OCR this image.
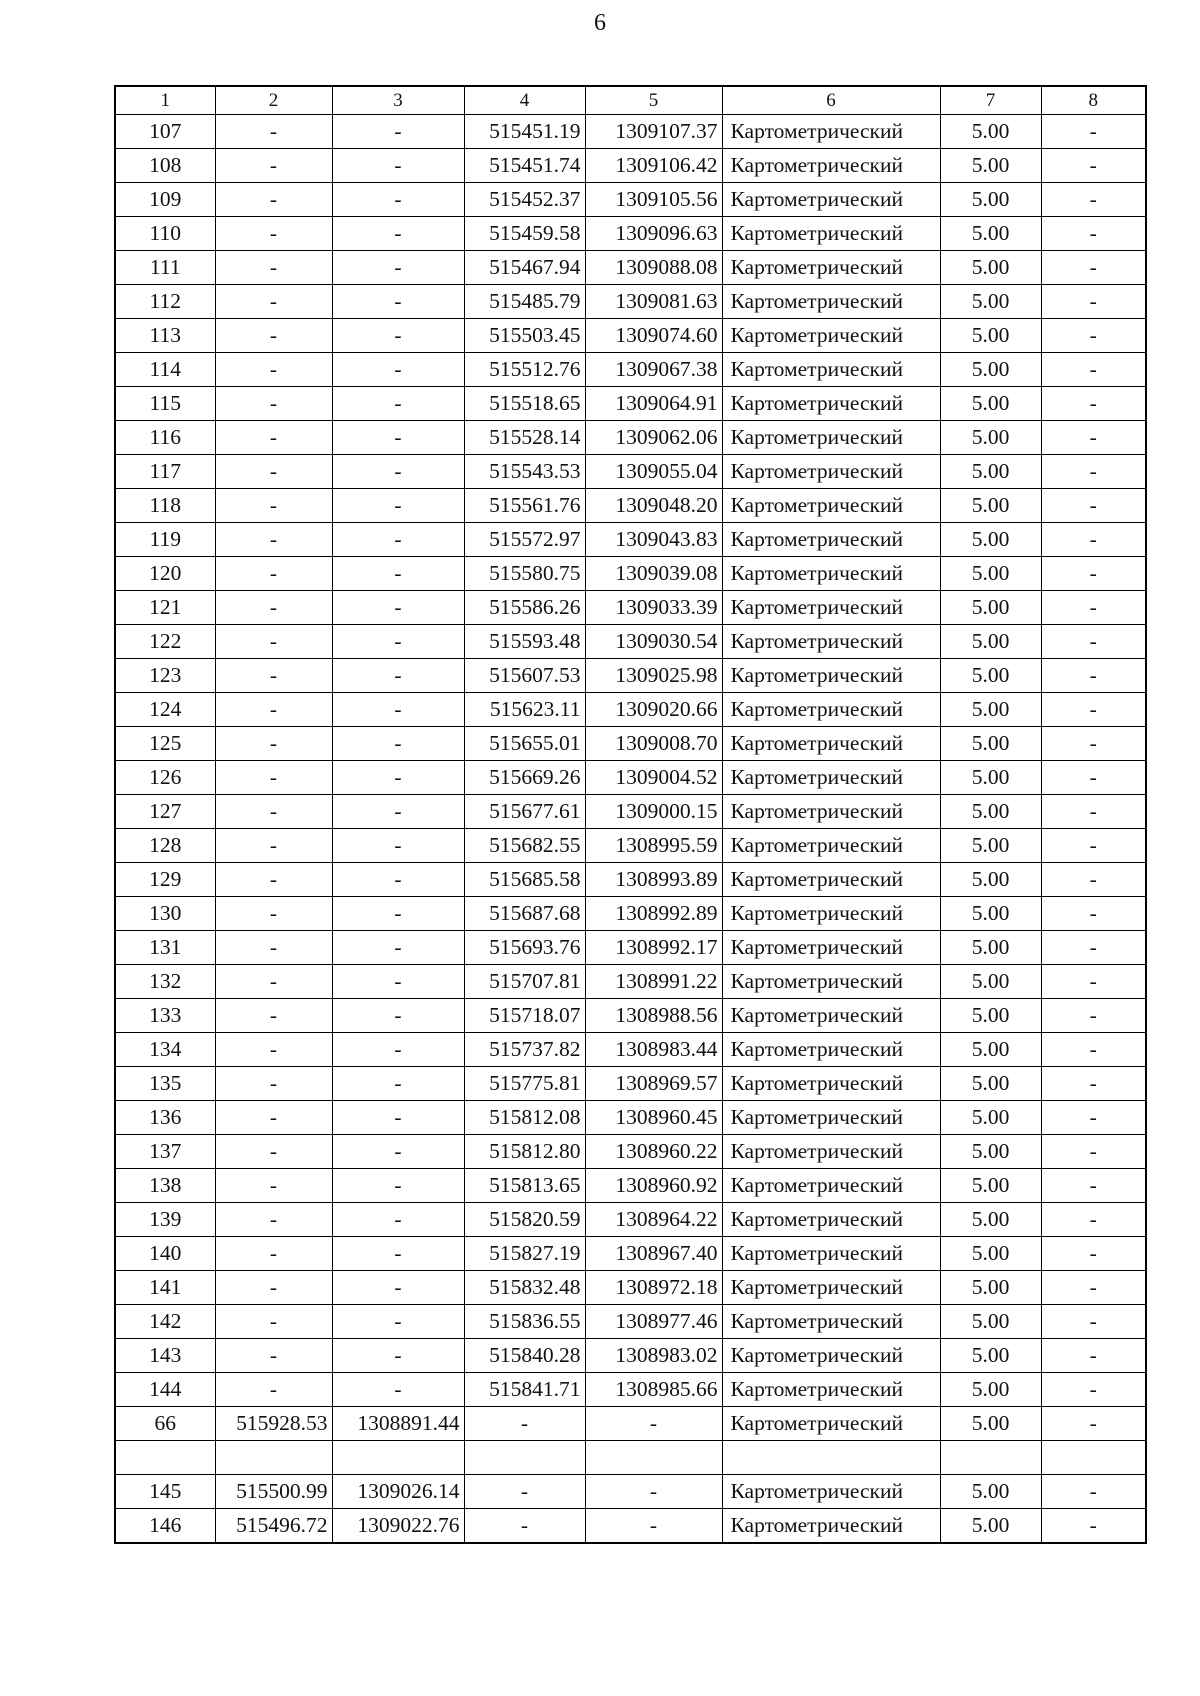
6
1	2	3	4	5	6	7	8
107	-	-	515451.19	1309107.37	Картометрический	5.00	-
108	-	-	515451.74	1309106.42	Картометрический	5.00	-
109	-	-	515452.37	1309105.56	Картометрический	5.00	-
110	-	-	515459.58	1309096.63	Картометрический	5.00	-
111	-	-	515467.94	1309088.08	Картометрический	5.00	-
112	-	-	515485.79	1309081.63	Картометрический	5.00	-
113	-	-	515503.45	1309074.60	Картометрический	5.00	-
114	-	-	515512.76	1309067.38	Картометрический	5.00	-
115	-	-	515518.65	1309064.91	Картометрический	5.00	-
116	-	-	515528.14	1309062.06	Картометрический	5.00	-
117	-	-	515543.53	1309055.04	Картометрический	5.00	-
118	-	-	515561.76	1309048.20	Картометрический	5.00	-
119	-	-	515572.97	1309043.83	Картометрический	5.00	-
120	-	-	515580.75	1309039.08	Картометрический	5.00	-
121	-	-	515586.26	1309033.39	Картометрический	5.00	-
122	-	-	515593.48	1309030.54	Картометрический	5.00	-
123	-	-	515607.53	1309025.98	Картометрический	5.00	-
124	-	-	515623.11	1309020.66	Картометрический	5.00	-
125	-	-	515655.01	1309008.70	Картометрический	5.00	-
126	-	-	515669.26	1309004.52	Картометрический	5.00	-
127	-	-	515677.61	1309000.15	Картометрический	5.00	-
128	-	-	515682.55	1308995.59	Картометрический	5.00	-
129	-	-	515685.58	1308993.89	Картометрический	5.00	-
130	-	-	515687.68	1308992.89	Картометрический	5.00	-
131	-	-	515693.76	1308992.17	Картометрический	5.00	-
132	-	-	515707.81	1308991.22	Картометрический	5.00	-
133	-	-	515718.07	1308988.56	Картометрический	5.00	-
134	-	-	515737.82	1308983.44	Картометрический	5.00	-
135	-	-	515775.81	1308969.57	Картометрический	5.00	-
136	-	-	515812.08	1308960.45	Картометрический	5.00	-
137	-	-	515812.80	1308960.22	Картометрический	5.00	-
138	-	-	515813.65	1308960.92	Картометрический	5.00	-
139	-	-	515820.59	1308964.22	Картометрический	5.00	-
140	-	-	515827.19	1308967.40	Картометрический	5.00	-
141	-	-	515832.48	1308972.18	Картометрический	5.00	-
142	-	-	515836.55	1308977.46	Картометрический	5.00	-
143	-	-	515840.28	1308983.02	Картометрический	5.00	-
144	-	-	515841.71	1308985.66	Картометрический	5.00	-
66	515928.53	1308891.44	-	-	Картометрический	5.00	-

145	515500.99	1309026.14	-	-	Картометрический	5.00	-
146	515496.72	1309022.76	-	-	Картометрический	5.00	-
